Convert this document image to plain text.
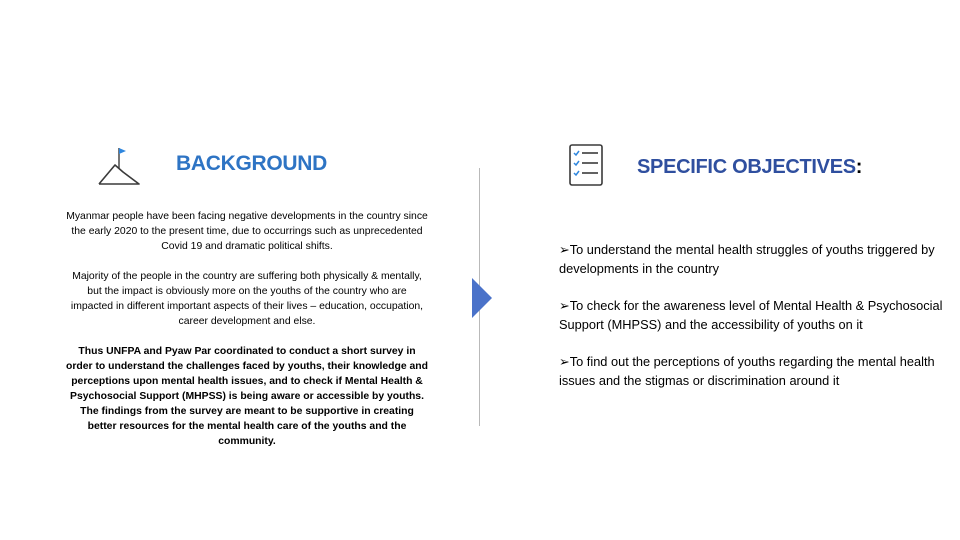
BACKGROUND

Myanmar people have been facing negative developments in the country since the early 2020 to the present time, due to occurrings such as unprecedented Covid 19 and dramatic political shifts.

Majority of the people in the country are suffering both physically & mentally, but the impact is obviously more on the youths of the country who are impacted in different important aspects of their lives – education, occupation, career development and else.

Thus UNFPA and Pyaw Par coordinated to conduct a short survey in order to understand the challenges faced by youths, their knowledge and perceptions upon mental health issues, and to check if Mental Health & Psychosocial Support (MHPSS) is being aware or accessible by youths. The findings from the survey are meant to be supportive in creating better resources for the mental health care of the youths and the community.

SPECIFIC OBJECTIVES:
➢To understand the mental health struggles of youths triggered by developments in the country
➢To check for the awareness level of Mental Health & Psychosocial Support (MHPSS) and the accessibility of youths on it
➢To find out the perceptions of youths regarding the mental health issues and the stigmas or discrimination around it
